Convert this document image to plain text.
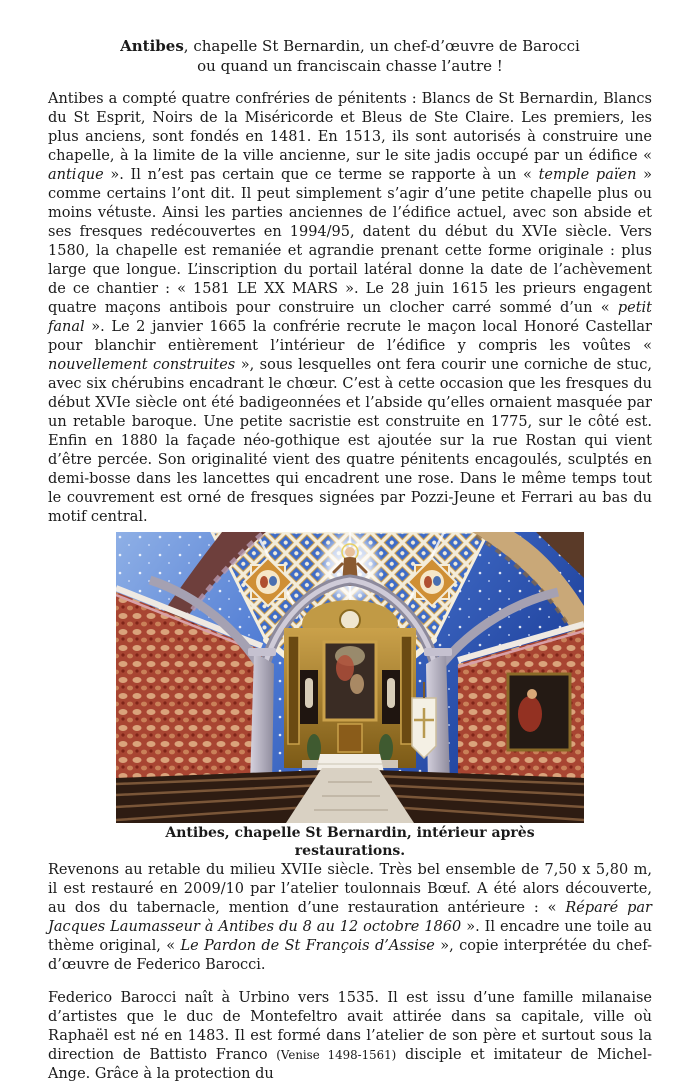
Antibes, chapelle St Bernardin, un chef-d’œuvre de Barocci
ou quand un franciscain chasse l’autre !

Antibes a compté quatre confréries de pénitents : Blancs de St Bernardin, Blancs du St Esprit, Noirs de la Miséricorde et Bleus de Ste Claire. Les premiers, les plus anciens, sont fondés en 1481. En 1513, ils sont autorisés à construire une chapelle, à la limite de la ville ancienne, sur le site jadis occupé par un édifice « antique ». Il n’est pas certain que ce terme se rapporte à un « temple païen » comme certains l’ont dit. Il peut simplement s’agir d’une petite chapelle plus ou moins vétuste. Ainsi les parties anciennes de l’édifice actuel, avec son abside et ses fresques redécouvertes en 1994/95, datent du début du XVIe siècle. Vers 1580, la chapelle est remaniée et agrandie prenant cette forme originale : plus large que longue. L’inscription du portail latéral donne la date de l’achèvement de ce chantier : « 1581 LE XX MARS ». Le 28 juin 1615 les prieurs engagent quatre maçons antibois pour construire un clocher carré sommé d’un « petit fanal ». Le 2 janvier 1665 la confrérie recrute le maçon local Honoré Castellar pour blanchir entièrement l’intérieur de l’édifice y compris les voûtes « nouvellement construites », sous lesquelles ont fera courir une corniche de stuc, avec six chérubins encadrant le chœur. C’est à cette occasion que les fresques du début XVIe siècle ont été badigeonnées et l’abside qu’elles ornaient masquée par un retable baroque. Une petite sacristie est construite en 1775, sur le côté est. Enfin en 1880 la façade néo-gothique est ajoutée sur la rue Rostan qui vient d’être percée. Son originalité vient des quatre pénitents encagoulés, sculptés en demi-bosse dans les lancettes qui encadrent une rose. Dans le même temps tout le couvrement est orné de fresques signées par Pozzi-Jeune et Ferrari au bas du motif central.

Antibes, chapelle St Bernardin, intérieur après restaurations.

Revenons au retable du milieu XVIIe siècle. Très bel ensemble de 7,50 x 5,80 m, il est restauré en 2009/10 par l’atelier toulonnais Bœuf. A été alors découverte, au dos du tabernacle, mention d’une restauration antérieure : « Réparé par Jacques Laumasseur à Antibes du 8 au 12 octobre 1860 ». Il encadre une toile au thème original, « Le Pardon de St François d’Assise », copie interprétée du chef-d’œuvre de Federico Barocci.

Federico Barocci naît à Urbino vers 1535. Il est issu d’une famille milanaise d’artistes que le duc de Montefeltro avait attirée dans sa capitale, ville où Raphaël est né en 1483. Il est formé dans l’atelier de son père et surtout sous la direction de Battisto Franco (Venise 1498-1561) disciple et imitateur de Michel-Ange. Grâce à la protection du
